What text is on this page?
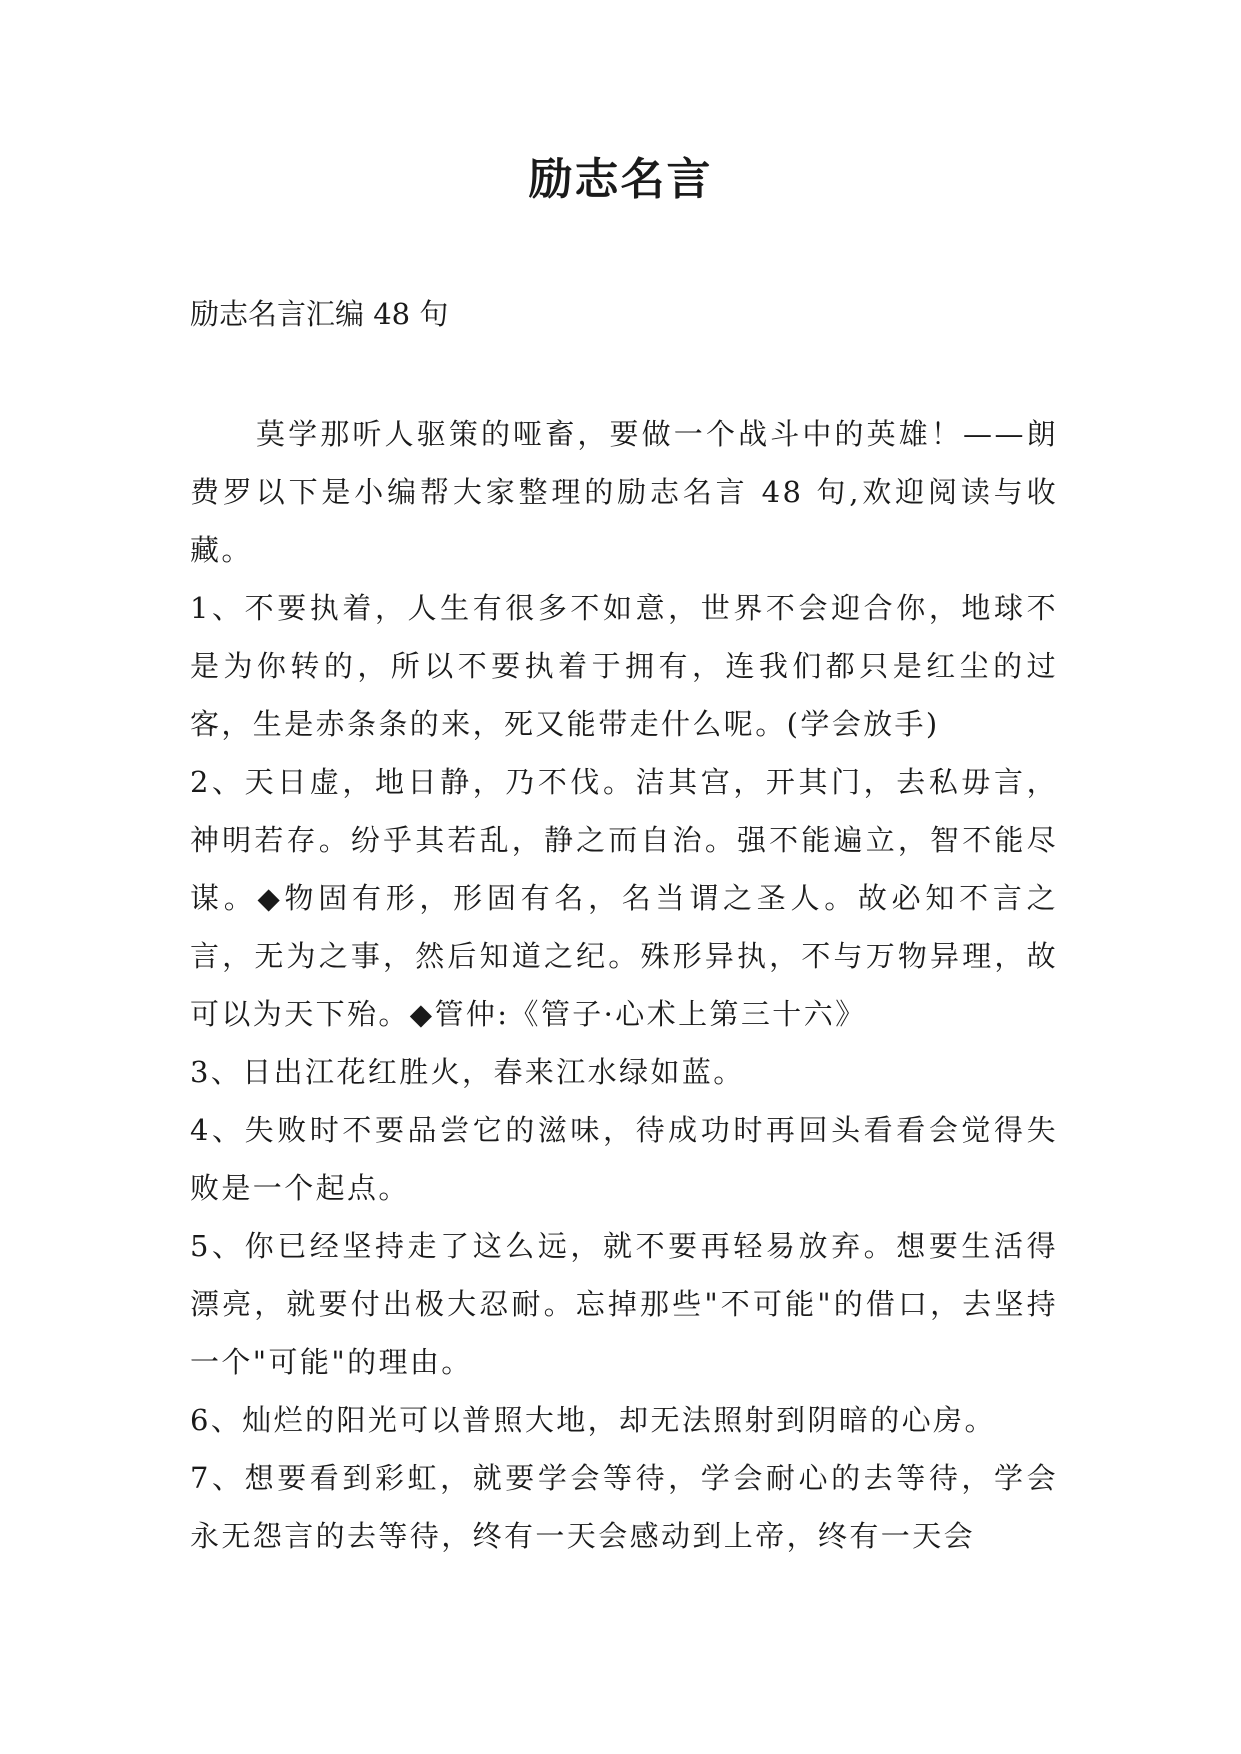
励志名言

励志名言汇编 48 句

莫学那听人驱策的哑畜，要做一个战斗中的英雄！——朗费罗以下是小编帮大家整理的励志名言 48 句,欢迎阅读与收藏。

1、不要执着，人生有很多不如意，世界不会迎合你，地球不是为你转的，所以不要执着于拥有，连我们都只是红尘的过客，生是赤条条的来，死又能带走什么呢。(学会放手)

2、天日虚，地日静，乃不伐。洁其宫，开其门，去私毋言，神明若存。纷乎其若乱，静之而自治。强不能遍立，智不能尽谋。◆物固有形，形固有名，名当谓之圣人。故必知不言之言，无为之事，然后知道之纪。殊形异执，不与万物异理，故可以为天下殆。◆管仲:《管子·心术上第三十六》

3、日出江花红胜火，春来江水绿如蓝。

4、失败时不要品尝它的滋味，待成功时再回头看看会觉得失败是一个起点。

5、你已经坚持走了这么远，就不要再轻易放弃。想要生活得漂亮，就要付出极大忍耐。忘掉那些"不可能"的借口，去坚持一个"可能"的理由。

6、灿烂的阳光可以普照大地，却无法照射到阴暗的心房。

7、想要看到彩虹，就要学会等待，学会耐心的去等待，学会永无怨言的去等待，终有一天会感动到上帝，终有一天会
